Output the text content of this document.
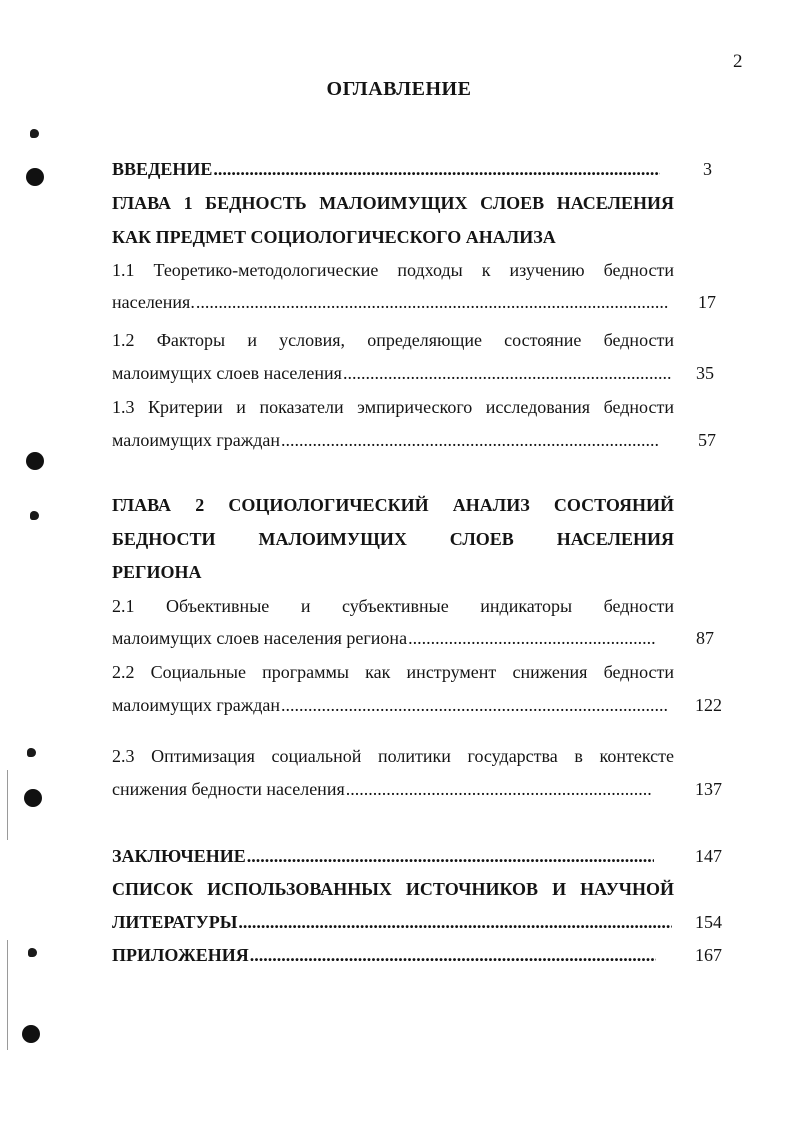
2
ОГЛАВЛЕНИЕ
ВВЕДЕНИЕ .....	3
ГЛАВА 1 БЕДНОСТЬ МАЛОИМУЩИХ СЛОЕВ НАСЕЛЕНИЯ
КАК ПРЕДМЕТ СОЦИОЛОГИЧЕСКОГО АНАЛИЗА
1.1 Теоретико-методологические подходы к изучению бедности
населения. .....	17
1.2 Факторы и условия, определяющие состояние бедности
малоимущих слоев населения .....	35
1.3 Критерии и показатели эмпирического исследования бедности
малоимущих граждан .....	57
ГЛАВА 2 СОЦИОЛОГИЧЕСКИЙ АНАЛИЗ СОСТОЯНИЙ
БЕДНОСТИ МАЛОИМУЩИХ СЛОЕВ НАСЕЛЕНИЯ
РЕГИОНА
2.1 Объективные и субъективные индикаторы бедности
малоимущих слоев населения региона .....	87
2.2 Социальные программы как инструмент снижения бедности
малоимущих граждан .....	122
2.3 Оптимизация социальной политики государства в контексте
снижения бедности населения .....	137
ЗАКЛЮЧЕНИЕ .....	147
СПИСОК ИСПОЛЬЗОВАННЫХ ИСТОЧНИКОВ И НАУЧНОЙ
ЛИТЕРАТУРЫ .....	154
ПРИЛОЖЕНИЯ .....	167
